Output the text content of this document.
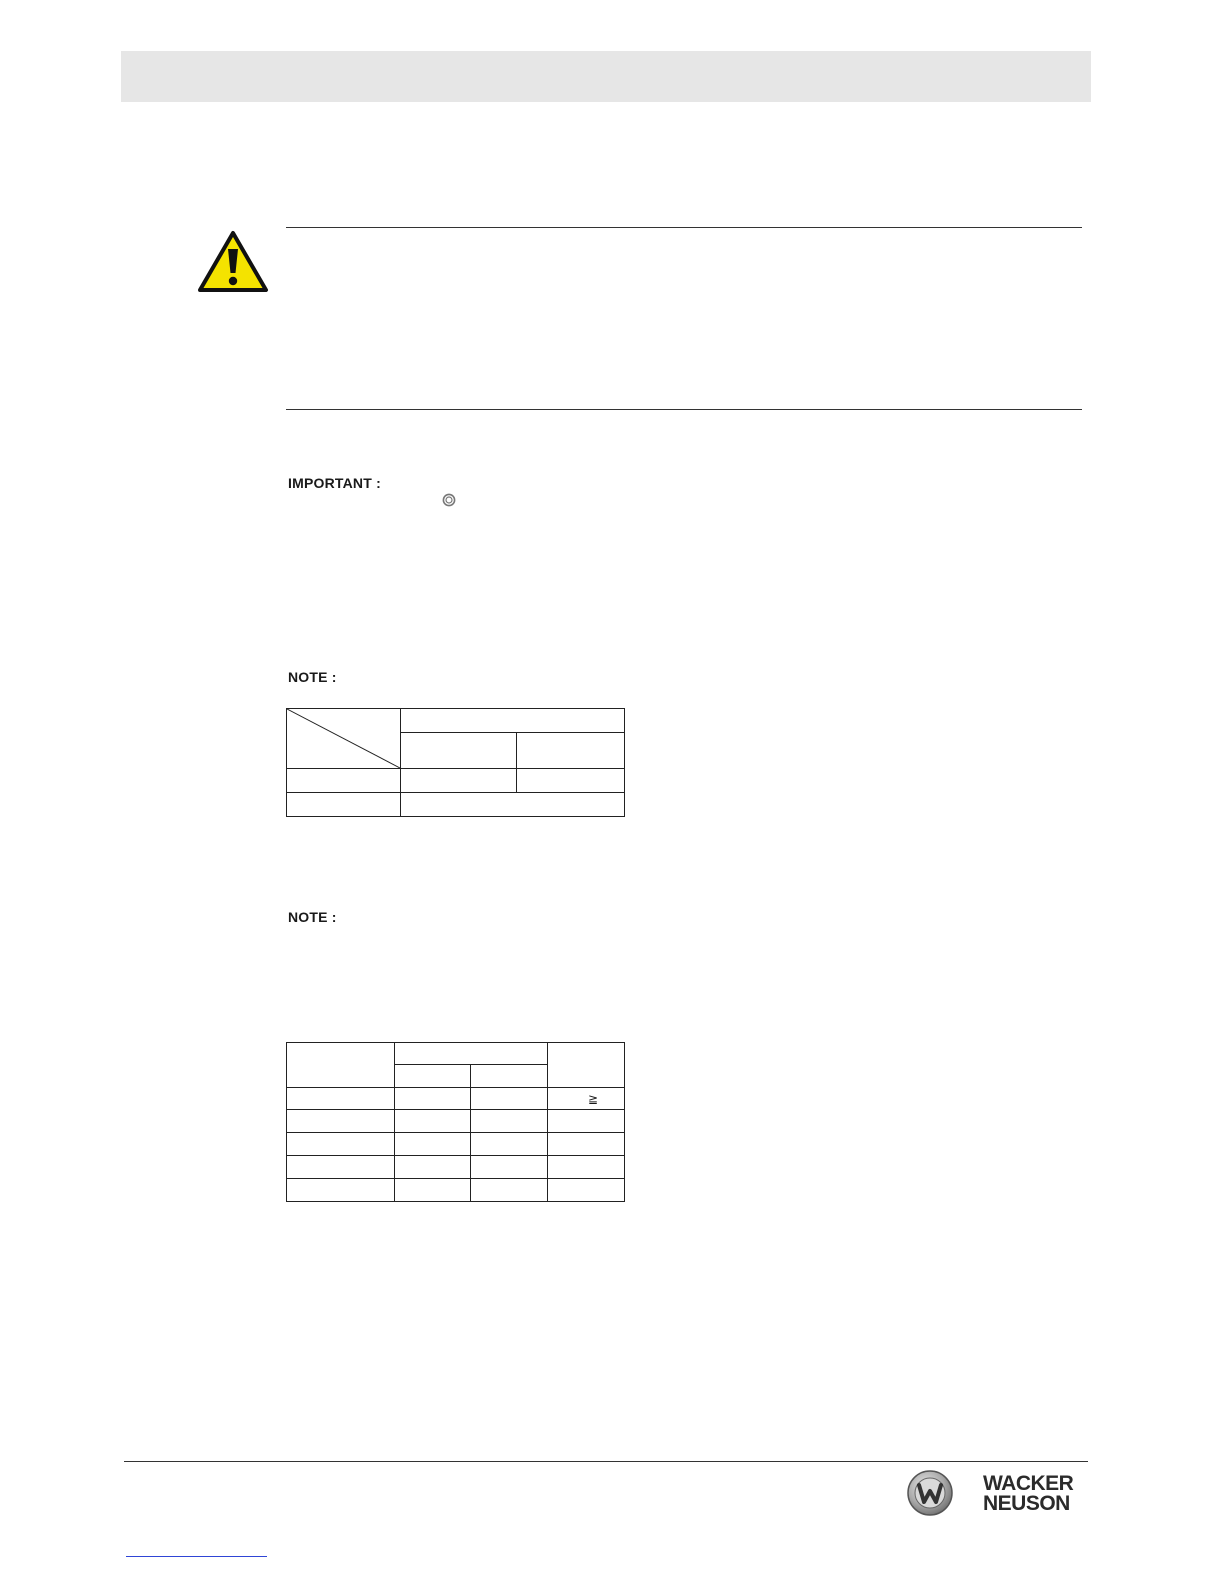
IMPORTANT :
NOTE :

NOTE :

			≧

WACKER
NEUSON
